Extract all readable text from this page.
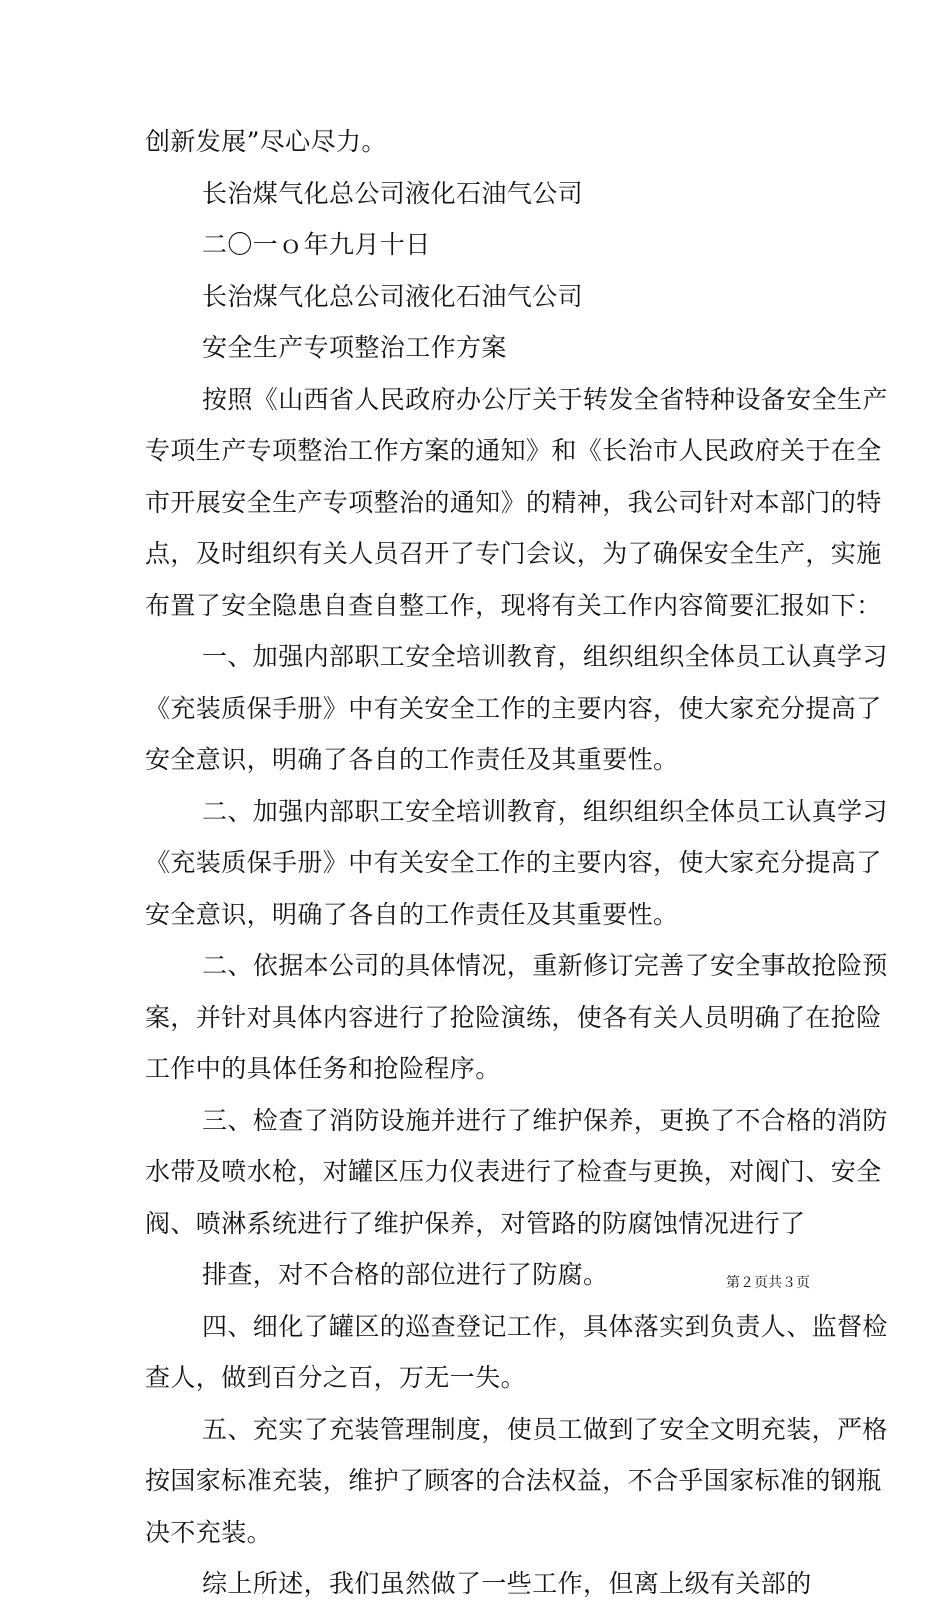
创新发展”尽心尽力。
长治煤气化总公司液化石油气公司
二〇一ｏ年九月十日
长治煤气化总公司液化石油气公司
安全生产专项整治工作方案
按照《山西省人民政府办公厅关于转发全省特种设备安全生产
专项生产专项整治工作方案的通知》和《长治市人民政府关于在全
市开展安全生产专项整治的通知》的精神，我公司针对本部门的特
点，及时组织有关人员召开了专门会议，为了确保安全生产，实施
布置了安全隐患自查自整工作，现将有关工作内容简要汇报如下：
一、加强内部职工安全培训教育，组织组织全体员工认真学习
《充装质保手册》中有关安全工作的主要内容，使大家充分提高了
安全意识，明确了各自的工作责任及其重要性。
二、加强内部职工安全培训教育，组织组织全体员工认真学习
《充装质保手册》中有关安全工作的主要内容，使大家充分提高了
安全意识，明确了各自的工作责任及其重要性。
二、依据本公司的具体情况，重新修订完善了安全事故抢险预
案，并针对具体内容进行了抢险演练，使各有关人员明确了在抢险
工作中的具体任务和抢险程序。
三、检查了消防设施并进行了维护保养，更换了不合格的消防
水带及喷水枪，对罐区压力仪表进行了检查与更换，对阀门、安全
阀、喷淋系统进行了维护保养，对管路的防腐蚀情况进行了
排查，对不合格的部位进行了防腐。
四、细化了罐区的巡查登记工作，具体落实到负责人、监督检
查人，做到百分之百，万无一失。
五、充实了充装管理制度，使员工做到了安全文明充装，严格
按国家标准充装，维护了顾客的合法权益，不合乎国家标准的钢瓶
决不充装。
综上所述，我们虽然做了一些工作，但离上级有关部的
第２页共３页
